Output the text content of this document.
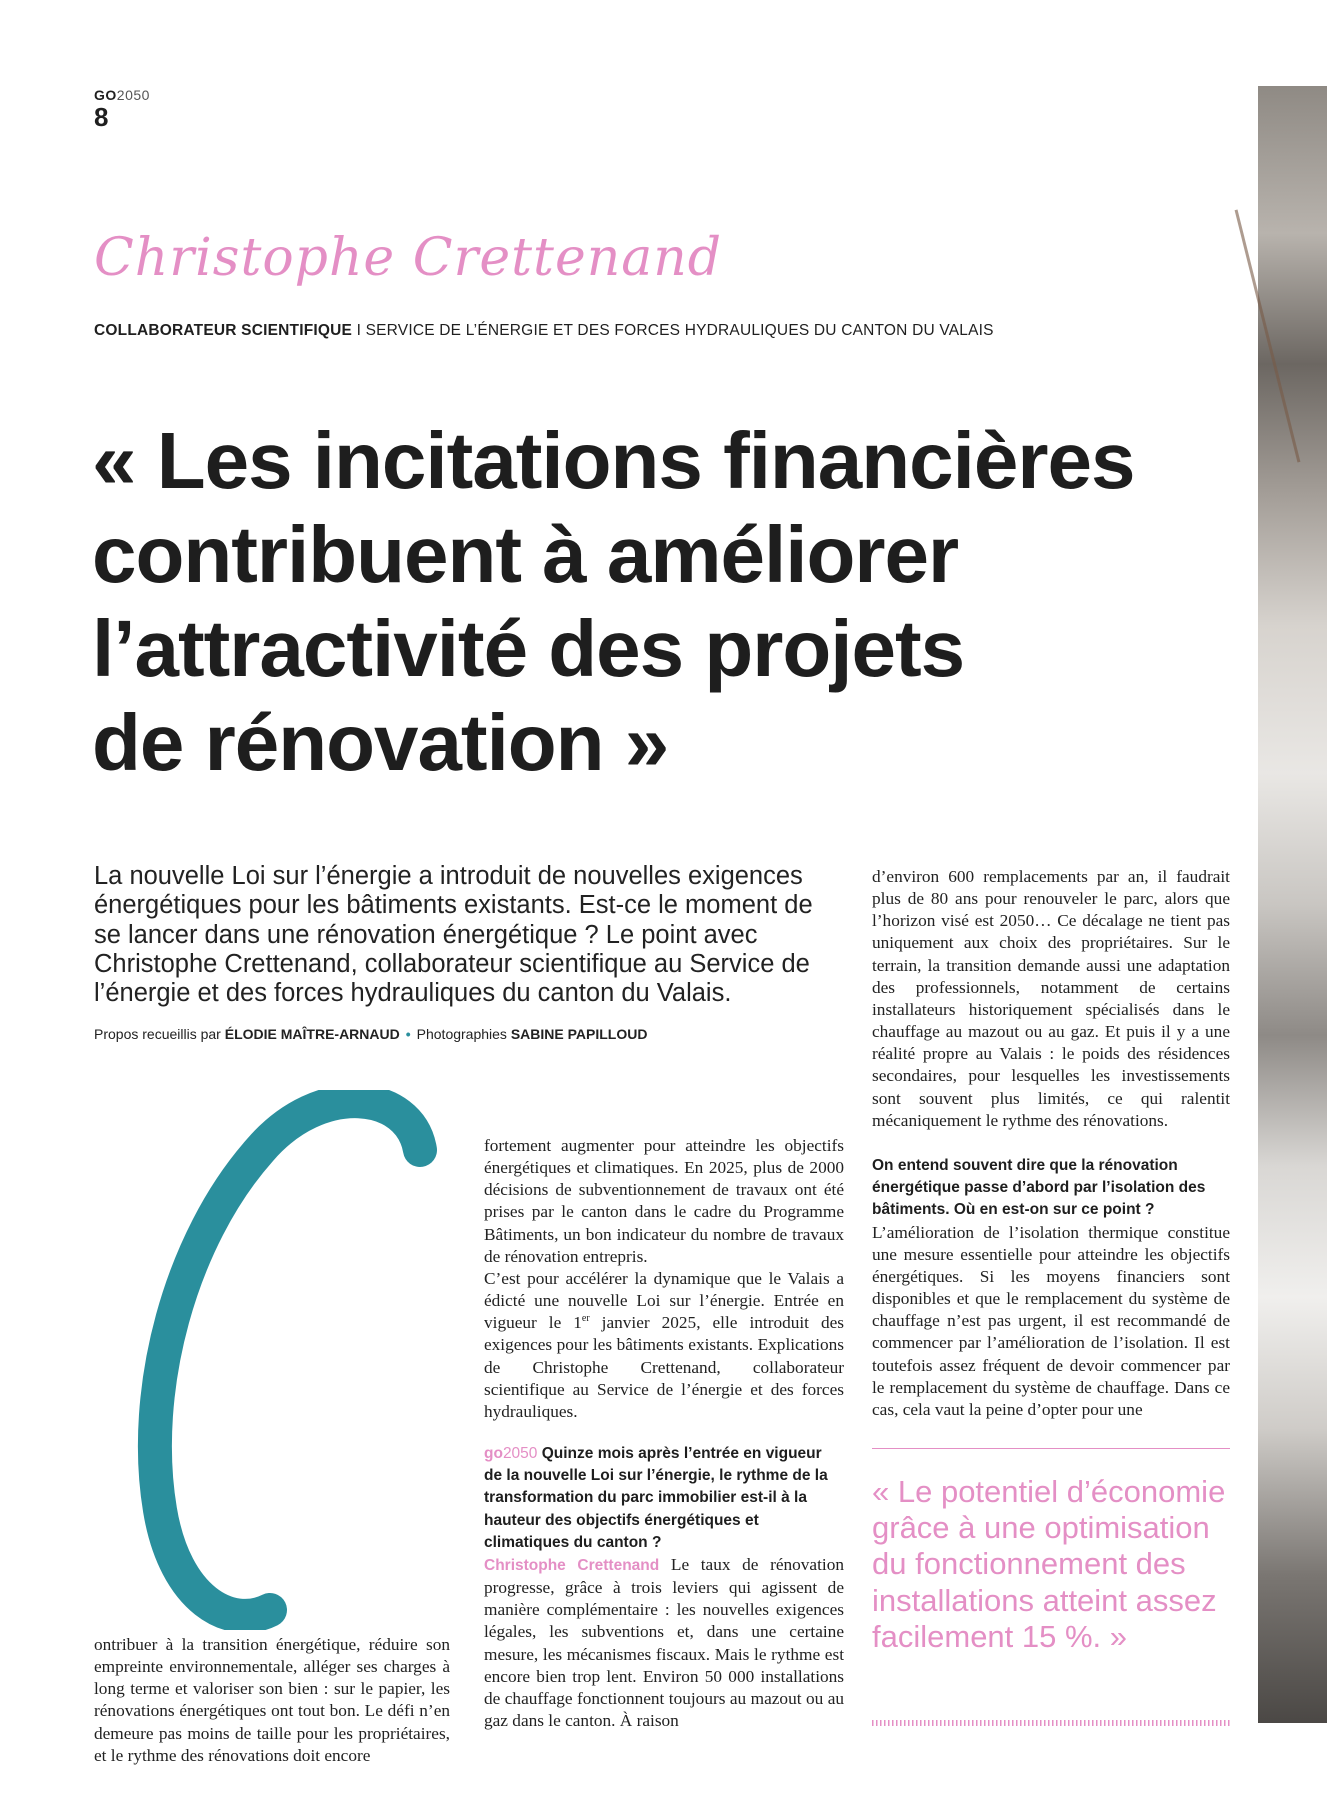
GO2050
8
Christophe Crettenand
COLLABORATEUR SCIENTIFIQUE I SERVICE DE L’ÉNERGIE ET DES FORCES HYDRAULIQUES DU CANTON DU VALAIS
« Les incitations financières
contribuent à améliorer
l’attractivité des projets
de rénovation »
La nouvelle Loi sur l’énergie a introduit de nouvelles exigences énergétiques pour les bâtiments existants. Est-ce le moment de se lancer dans une rénovation énergétique ? Le point avec Christophe Crettenand, collaborateur scientifique au Service de l’énergie et des forces hydrauliques du canton du Valais.
Propos recueillis par ÉLODIE MAÎTRE-ARNAUD • Photographies SABINE PAPILLOUD

ontribuer à la transition énergétique, réduire son empreinte environnementale, alléger ses charges à long terme et valoriser son bien : sur le papier, les rénovations énergétiques ont tout bon. Le défi n’en demeure pas moins de taille pour les propriétaires, et le rythme des rénovations doit encore

fortement augmenter pour atteindre les objectifs énergétiques et climatiques. En 2025, plus de 2000 décisions de subventionnement de travaux ont été prises par le canton dans le cadre du Programme Bâtiments, un bon indicateur du nombre de travaux de rénovation entrepris.

C’est pour accélérer la dynamique que le Valais a édicté une nouvelle Loi sur l’énergie. Entrée en vigueur le 1er janvier 2025, elle introduit des exigences pour les bâtiments existants. Explications de Christophe Crettenand, collaborateur scientifique au Service de l’énergie et des forces hydrauliques.

go2050 Quinze mois après l’entrée en vigueur de la nouvelle Loi sur l’énergie, le rythme de la transformation du parc immobilier est-il à la hauteur des objectifs énergétiques et climatiques du canton ?

Christophe Crettenand Le taux de rénovation progresse, grâce à trois leviers qui agissent de manière complémentaire : les nouvelles exigences légales, les subventions et, dans une certaine mesure, les mécanismes fiscaux. Mais le rythme est encore bien trop lent. Environ 50 000 installations de chauffage fonctionnent toujours au mazout ou au gaz dans le canton. À raison

d’environ 600 remplacements par an, il faudrait plus de 80 ans pour renouveler le parc, alors que l’horizon visé est 2050… Ce décalage ne tient pas uniquement aux choix des propriétaires. Sur le terrain, la transition demande aussi une adaptation des professionnels, notamment de certains installateurs historiquement spécialisés dans le chauffage au mazout ou au gaz. Et puis il y a une réalité propre au Valais : le poids des résidences secondaires, pour lesquelles les investissements sont souvent plus limités, ce qui ralentit mécaniquement le rythme des rénovations.

On entend souvent dire que la rénovation énergétique passe d’abord par l’isolation des bâtiments. Où en est-on sur ce point ?

L’amélioration de l’isolation thermique constitue une mesure essentielle pour atteindre les objectifs énergétiques. Si les moyens financiers sont disponibles et que le remplacement du système de chauffage n’est pas urgent, il est recommandé de commencer par l’amélioration de l’isolation. Il est toutefois assez fréquent de devoir commencer par le remplacement du système de chauffage. Dans ce cas, cela vaut la peine d’opter pour une

« Le potentiel d’économie grâce à une optimisation du fonctionnement des installations atteint assez facilement 15 %. »
